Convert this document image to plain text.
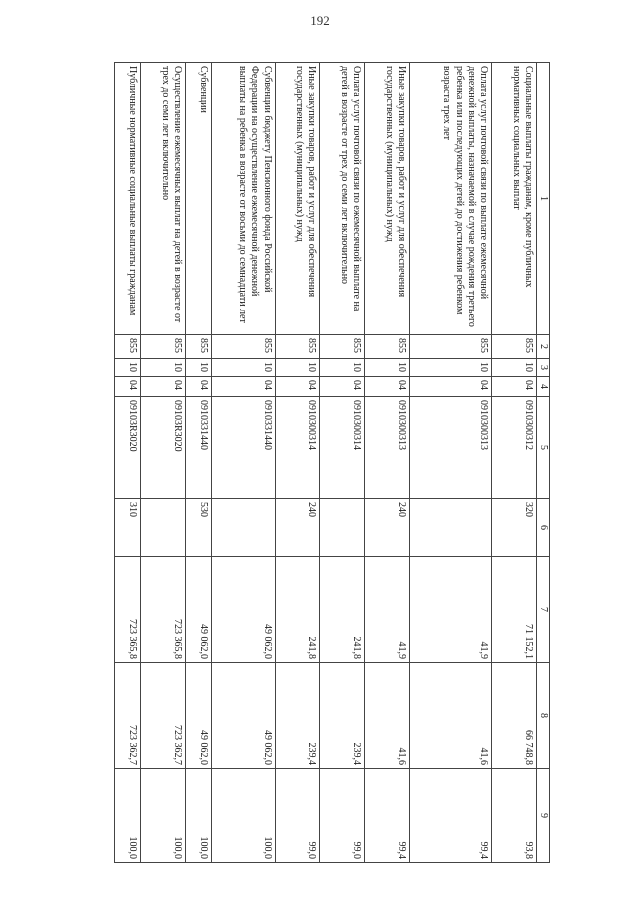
192
1	2	3	4	5	6	7	8	9
Социальные выплаты гражданам, кроме публичных нормативных социальных выплат	855	10	04	0910300312	320	71 152,1	66 748,8	93,8
Оплата услуг почтовой связи по выплате ежемесячной денежной выплаты, назначаемой в случае рождения третьего ребенка или последующих детей до достижения ребенком возраста трех лет	855	10	04	0910300313		41,9	41,6	99,4
Иные закупки товаров, работ и услуг для обеспечения государственных (муниципальных) нужд	855	10	04	0910300313	240	41,9	41,6	99,4
Оплата услуг почтовой связи по ежемесячной выплате на детей в возрасте от трех до семи лет включительно	855	10	04	0910300314		241,8	239,4	99,0
Иные закупки товаров, работ и услуг для обеспечения государственных (муниципальных) нужд	855	10	04	0910300314	240	241,8	239,4	99,0
Субвенции бюджету Пенсионного фонда Российской Федерации на осуществление ежемесячной денежной выплаты на ребенка в возрасте от восьми до семнадцати лет	855	10	04	0910331440		49 062,0	49 062,0	100,0
Субвенции	855	10	04	0910331440	530	49 062,0	49 062,0	100,0
Осуществление ежемесячных выплат на детей в возрасте от трех до семи лет включительно	855	10	04	09103R3020		723 365,8	723 362,7	100,0
Публичные нормативные социальные выплаты гражданам	855	10	04	09103R3020	310	723 365,8	723 362,7	100,0
